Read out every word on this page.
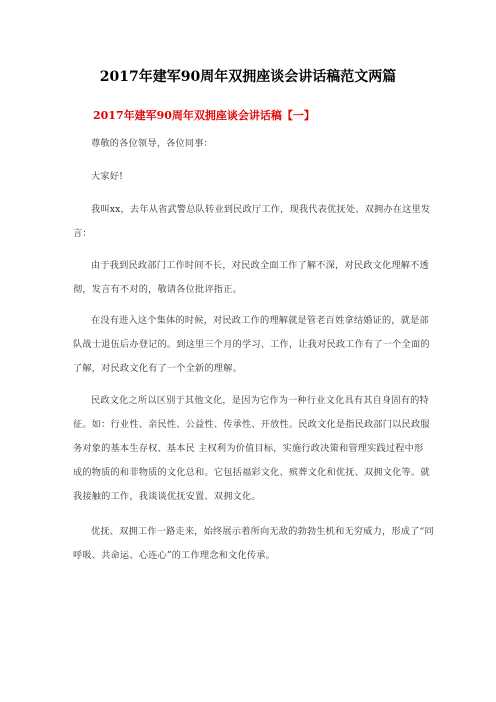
2017年建军90周年双拥座谈会讲话稿范文两篇
2017年建军90周年双拥座谈会讲话稿【一】

尊敬的各位领导，各位同事：

大家好!

我叫xx，去年从省武警总队转业到民政厅工作，现我代表优抚处、双拥办在这里发
言：

由于我到民政部门工作时间不长，对民政全面工作了解不深，对民政文化理解不透
彻，发言有不对的，敬请各位批评指正。

在没有进入这个集体的时候，对民政工作的理解就是管老百姓拿结婚证的，就是部
队战士退伍后办登记的。到这里三个月的学习、工作，让我对民政工作有了一个全面的
了解，对民政文化有了一个全新的理解。

民政文化之所以区别于其他文化，是因为它作为一种行业文化具有其自身固有的特
征。如：行业性、亲民性、公益性、传承性、开放性。民政文化是指民政部门以民政服
务对象的基本生存权、基本民 主权利为价值目标，实施行政决策和管理实践过程中形
成的物质的和非物质的文化总和。它包括福彩文化、殡葬文化和优抚、双拥文化等。就
我接触的工作，我谈谈优抚安置、双拥文化。

优抚、双拥工作一路走来，始终展示着所向无敌的勃勃生机和无穷威力，形成了“同
呼吸、共命运、心连心”的工作理念和文化传承。
